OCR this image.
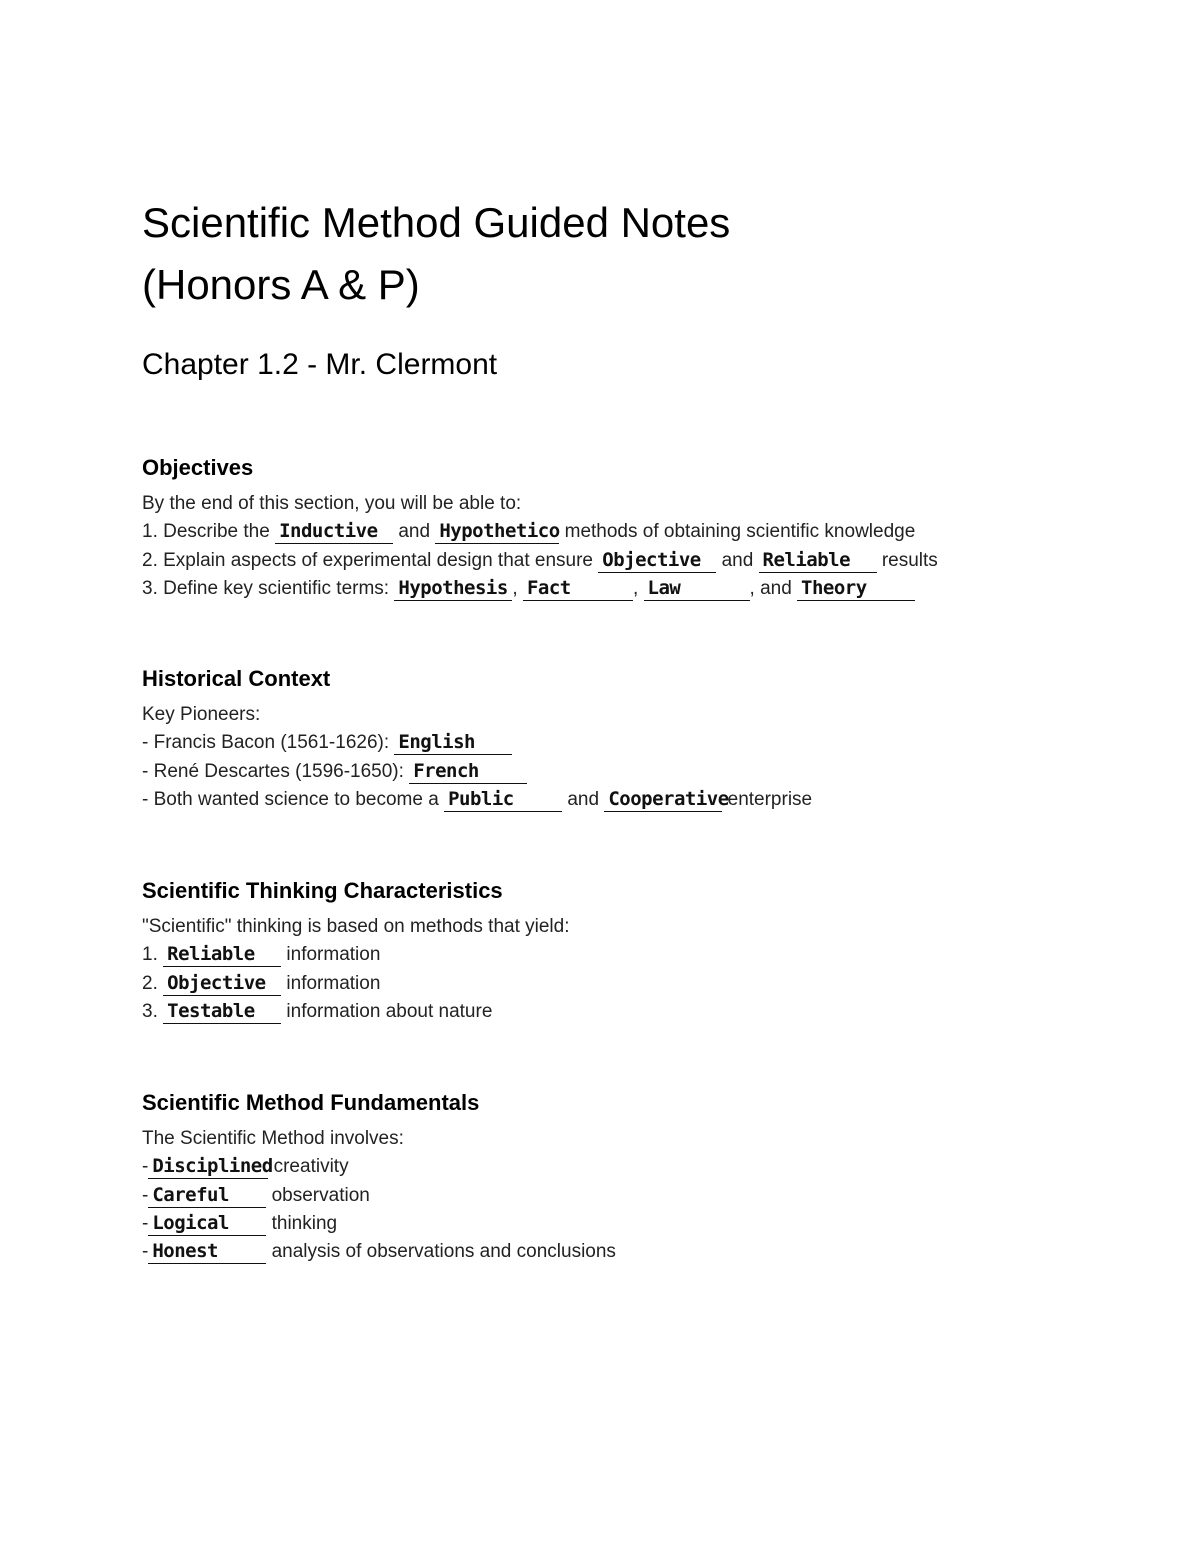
Scientific Method Guided Notes
(Honors A & P)
Chapter 1.2 - Mr. Clermont
Objectives
By the end of this section, you will be able to:
1. Describe the Inductive and Hypothetico methods of obtaining scientific knowledge
2. Explain aspects of experimental design that ensure Objective and Reliable results
3. Define key scientific terms: Hypothesis , Fact	, Law	, and Theory
Historical Context
Key Pioneers:
- Francis Bacon (1561-1626): English
- René Descartes (1596-1650): French
- Both wanted science to become a Public	and Cooperative enterprise
Scientific Thinking Characteristics
"Scientific" thinking is based on methods that yield:
1. Reliable information
2. Objective information
3. Testable information about nature
Scientific Method Fundamentals
The Scientific Method involves:
- Disciplined creativity
- Careful observation
- Logical thinking
- Honest	analysis of observations and conclusions
